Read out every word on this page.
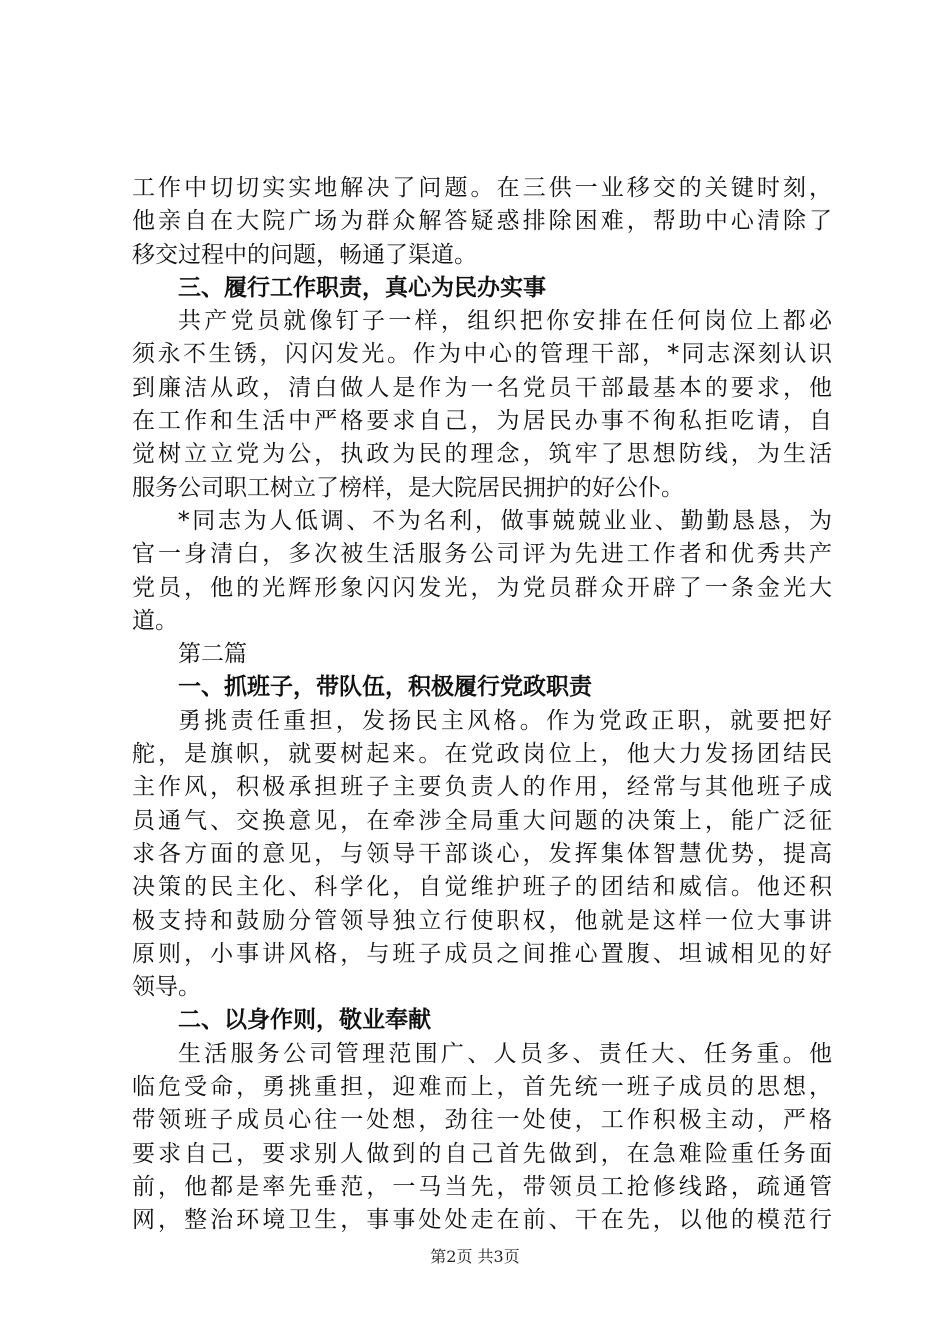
工作中切切实实地解决了问题。在三供一业移交的关键时刻，
他亲自在大院广场为群众解答疑惑排除困难，帮助中心清除了
移交过程中的问题，畅通了渠道。
三、履行工作职责，真心为民办实事
共产党员就像钉子一样，组织把你安排在任何岗位上都必
须永不生锈，闪闪发光。作为中心的管理干部，*同志深刻认识
到廉洁从政，清白做人是作为一名党员干部最基本的要求，他
在工作和生活中严格要求自己，为居民办事不徇私拒吃请，自
觉树立立党为公，执政为民的理念，筑牢了思想防线，为生活
服务公司职工树立了榜样，是大院居民拥护的好公仆。
*同志为人低调、不为名利，做事兢兢业业、勤勤恳恳，为
官一身清白，多次被生活服务公司评为先进工作者和优秀共产
党员，他的光辉形象闪闪发光，为党员群众开辟了一条金光大
道。
第二篇
一、抓班子，带队伍，积极履行党政职责
勇挑责任重担，发扬民主风格。作为党政正职，就要把好
舵，是旗帜，就要树起来。在党政岗位上，他大力发扬团结民
主作风，积极承担班子主要负责人的作用，经常与其他班子成
员通气、交换意见，在牵涉全局重大问题的决策上，能广泛征
求各方面的意见，与领导干部谈心，发挥集体智慧优势，提高
决策的民主化、科学化，自觉维护班子的团结和威信。他还积
极支持和鼓励分管领导独立行使职权，他就是这样一位大事讲
原则，小事讲风格，与班子成员之间推心置腹、坦诚相见的好
领导。
二、以身作则，敬业奉献
生活服务公司管理范围广、人员多、责任大、任务重。他
临危受命，勇挑重担，迎难而上，首先统一班子成员的思想，
带领班子成员心往一处想，劲往一处使，工作积极主动，严格
要求自己，要求别人做到的自己首先做到，在急难险重任务面
前，他都是率先垂范，一马当先，带领员工抢修线路，疏通管
网，整治环境卫生，事事处处走在前、干在先，以他的模范行
第2页 共3页
